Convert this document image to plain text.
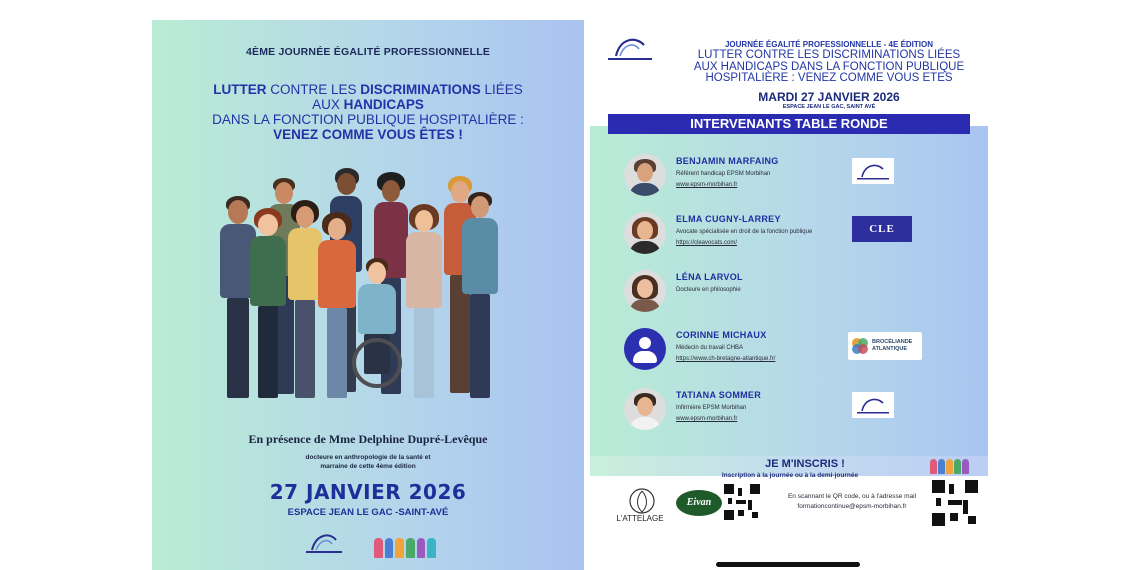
4ÈME JOURNÉE ÉGALITÉ PROFESSIONNELLE
LUTTER CONTRE LES DISCRIMINATIONS LIÉES
AUX HANDICAPS
DANS LA FONCTION PUBLIQUE HOSPITALIÈRE :
VENEZ COMME VOUS ÊTES !
En présence de Mme Delphine Dupré-Levêque
docteure en anthropologie de la santé et
marraine de cette 4ème édition
27 JANVIER 2026
ESPACE JEAN LE GAC -SAINT-AVÉ
JOURNÉE ÉGALITÉ PROFESSIONNELLE - 4E ÉDITION
LUTTER CONTRE LES DISCRIMINATIONS LIÉES
AUX HANDICAPS DANS LA FONCTION PUBLIQUE
HOSPITALIÈRE : VENEZ COMME VOUS ETES
MARDI 27 JANVIER 2026
ESPACE JEAN LE GAC, SAINT AVÉ
INTERVENANTS TABLE RONDE
BENJAMIN MARFAING
Référent handicap EPSM Morbihan
www.epsm-morbihan.fr
ELMA CUGNY-LARREY
Avocate spécialisée en droit de la fonction publique
https://cleavocats.com/
CLE
LÉNA LARVOL
Docteure en philosophie
CORINNE MICHAUX
Médecin du travail CHBA
https://www.ch-bretagne-atlantique.fr/
BROCÉLIANDE
ATLANTIQUE
TATIANA SOMMER
Infirmière EPSM Morbihan
www.epsm-morbihan.fr
JE M'INSCRIS !
Inscription à la journée ou à la demi-journée
L'ATTELAGE
Eivan
En scannant le QR code, ou à l'adresse mail
formationcontinue@epsm-morbihan.fr
